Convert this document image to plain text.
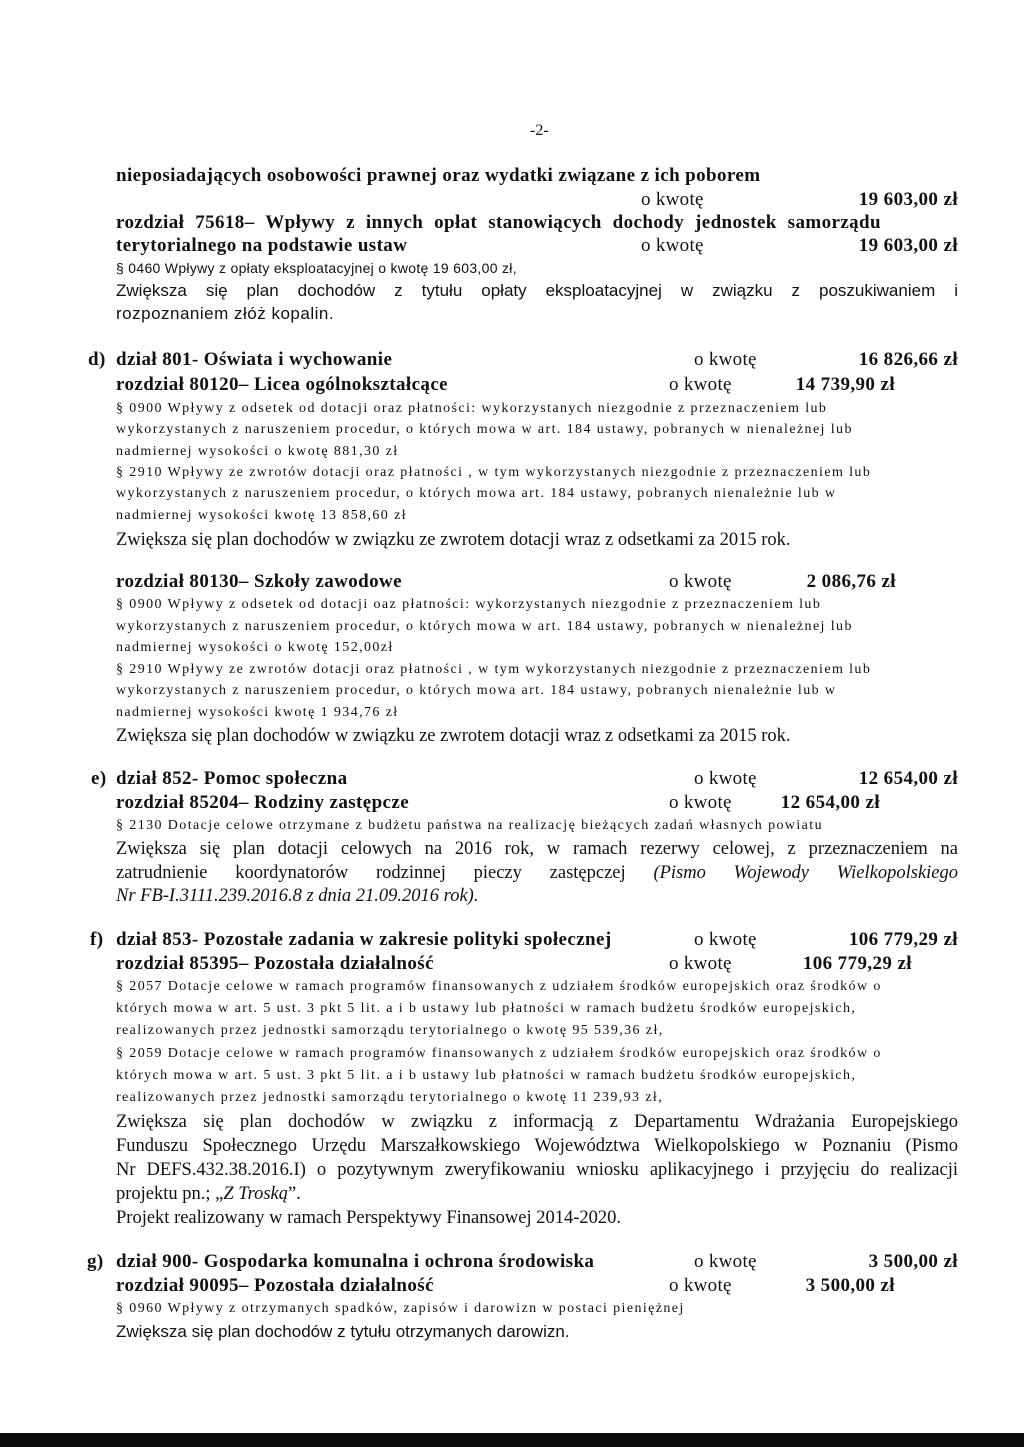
-2-
nieposiadających osobowości prawnej oraz wydatki związane z ich poborem
o kwotę	19 603,00 zł
rozdział 75618– Wpływy z innych opłat stanowiących dochody jednostek samorządu
terytorialnego na podstawie ustaw	o kwotę	19 603,00 zł
§ 0460 Wpływy z opłaty eksploatacyjnej o kwotę 19 603,00 zł,
Zwiększa się plan dochodów z tytułu opłaty eksploatacyjnej w związku z poszukiwaniem i
rozpoznaniem złóż kopalin.
d) dział 801- Oświata i wychowanie	o kwotę	16 826,66 zł
rozdział 80120– Licea ogólnokształcące	o kwotę	14 739,90 zł
§ 0900 Wpływy z odsetek od dotacji oraz płatności: wykorzystanych niezgodnie z przeznaczeniem lub
wykorzystanych z naruszeniem procedur, o których mowa w art. 184 ustawy, pobranych w nienależnej lub
nadmiernej wysokości o kwotę 881,30 zł
§ 2910 Wpływy ze zwrotów dotacji oraz płatności , w tym wykorzystanych niezgodnie z przeznaczeniem lub
wykorzystanych z naruszeniem procedur, o których mowa art. 184 ustawy, pobranych nienależnie lub w
nadmiernej wysokości kwotę 13 858,60 zł
Zwiększa się plan dochodów w związku ze zwrotem dotacji wraz z odsetkami za 2015 rok.
rozdział 80130– Szkoły zawodowe	o kwotę	2 086,76 zł
§ 0900 Wpływy z odsetek od dotacji oaz płatności: wykorzystanych niezgodnie z przeznaczeniem lub
wykorzystanych z naruszeniem procedur, o których mowa w art. 184 ustawy, pobranych w nienależnej lub
nadmiernej wysokości o kwotę 152,00zł
§ 2910 Wpływy ze zwrotów dotacji oraz płatności , w tym wykorzystanych niezgodnie z przeznaczeniem lub
wykorzystanych z naruszeniem procedur, o których mowa art. 184 ustawy, pobranych nienależnie lub w
nadmiernej wysokości kwotę 1 934,76 zł
Zwiększa się plan dochodów w związku ze zwrotem dotacji wraz z odsetkami za 2015 rok.
e) dział 852- Pomoc społeczna	o kwotę	12 654,00 zł
rozdział 85204– Rodziny zastępcze	o kwotę	12 654,00 zł
§ 2130 Dotacje celowe otrzymane z budżetu państwa na realizację bieżących zadań własnych powiatu
Zwiększa się plan dotacji celowych na 2016 rok, w ramach rezerwy celowej, z przeznaczeniem na
zatrudnienie koordynatorów rodzinnej pieczy zastępczej (Pismo Wojewody Wielkopolskiego
Nr FB-I.3111.239.2016.8 z dnia 21.09.2016 rok).
f) dział 853- Pozostałe zadania w zakresie polityki społecznej	o kwotę	106 779,29 zł
rozdział 85395– Pozostała działalność	o kwotę	106 779,29 zł
§ 2057 Dotacje celowe w ramach programów finansowanych z udziałem środków europejskich oraz środków o
których mowa w art. 5 ust. 3 pkt 5 lit. a i b ustawy lub płatności w ramach budżetu środków europejskich,
realizowanych przez jednostki samorządu terytorialnego o kwotę 95 539,36 zł,
§ 2059 Dotacje celowe w ramach programów finansowanych z udziałem środków europejskich oraz środków o
których mowa w art. 5 ust. 3 pkt 5 lit. a i b ustawy lub płatności w ramach budżetu środków europejskich,
realizowanych przez jednostki samorządu terytorialnego o kwotę 11 239,93 zł,
Zwiększa się plan dochodów w związku z informacją z Departamentu Wdrażania Europejskiego
Funduszu Społecznego Urzędu Marszałkowskiego Województwa Wielkopolskiego w Poznaniu (Pismo
Nr DEFS.432.38.2016.I) o pozytywnym zweryfikowaniu wniosku aplikacyjnego i przyjęciu do realizacji
projektu pn.; „Z Troską”.
Projekt realizowany w ramach Perspektywy Finansowej 2014-2020.
g) dział 900- Gospodarka komunalna i ochrona środowiska	o kwotę	3 500,00 zł
rozdział 90095– Pozostała działalność	o kwotę	3 500,00 zł
§ 0960 Wpływy z otrzymanych spadków, zapisów i darowizn w postaci pieniężnej
Zwiększa się plan dochodów z tytułu otrzymanych darowizn.
